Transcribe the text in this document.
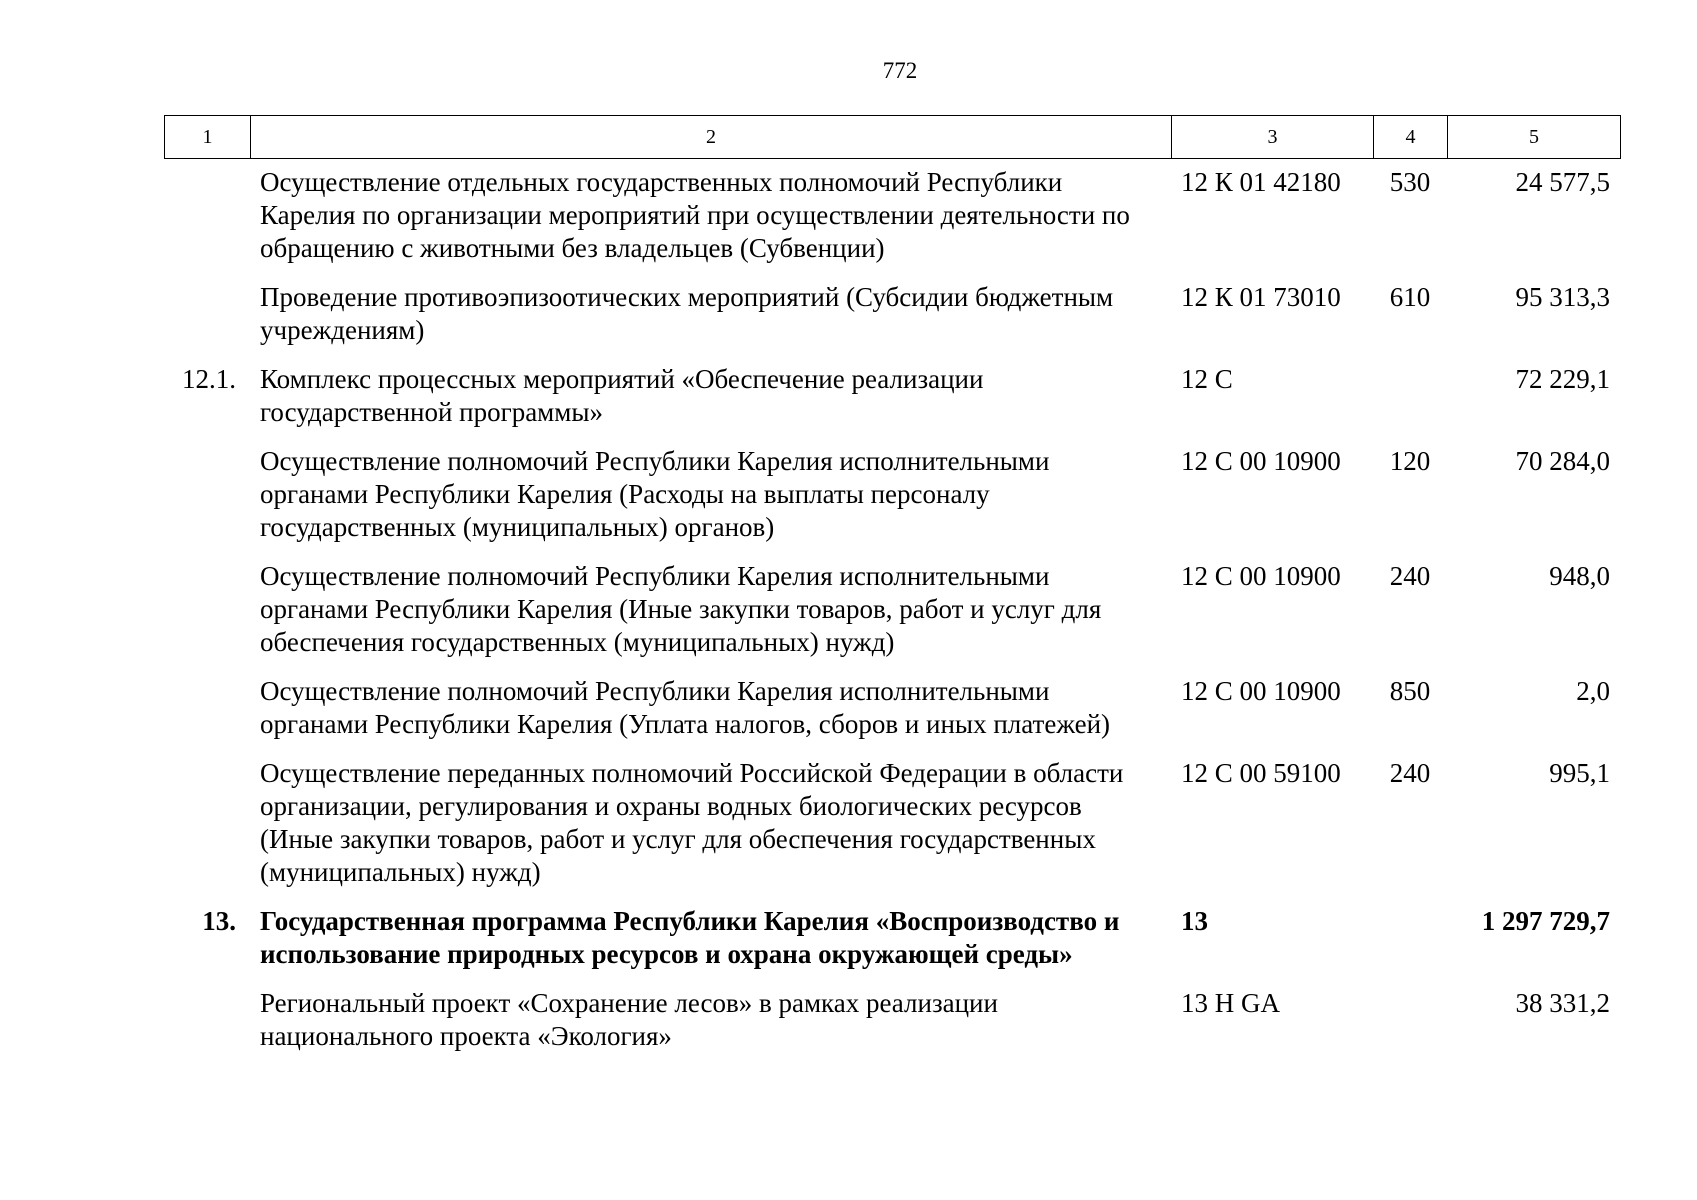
772
1	2	3	4	5
	Осуществление отдельных государственных полномочий Республики Карелия по организации мероприятий при осуществлении деятельности по обращению с животными без владельцев (Субвенции)	12 К 01 42180	530	24 577,5
	Проведение противоэпизоотических мероприятий (Субсидии бюджетным учреждениям)	12 К 01 73010	610	95 313,3
12.1.	Комплекс процессных мероприятий «Обеспечение реализации государственной программы»	12 С		72 229,1
	Осуществление полномочий Республики Карелия исполнительными органами Республики Карелия (Расходы на выплаты персоналу государственных (муниципальных) органов)	12 С 00 10900	120	70 284,0
	Осуществление полномочий Республики Карелия исполнительными органами Республики Карелия (Иные закупки товаров, работ и услуг для обеспечения государственных (муниципальных) нужд)	12 С 00 10900	240	948,0
	Осуществление полномочий Республики Карелия исполнительными органами Республики Карелия (Уплата налогов, сборов и иных платежей)	12 С 00 10900	850	2,0
	Осуществление переданных полномочий Российской Федерации в области организации, регулирования и охраны водных биологических ресурсов (Иные закупки товаров, работ и услуг для обеспечения государственных (муниципальных) нужд)	12 С 00 59100	240	995,1
13.	Государственная программа Республики Карелия «Воспроизводство и использование природных ресурсов и охрана окружающей среды»	13		1 297 729,7
	Региональный проект «Сохранение лесов» в рамках реализации национального проекта «Экология»	13 Н GA		38 331,2
